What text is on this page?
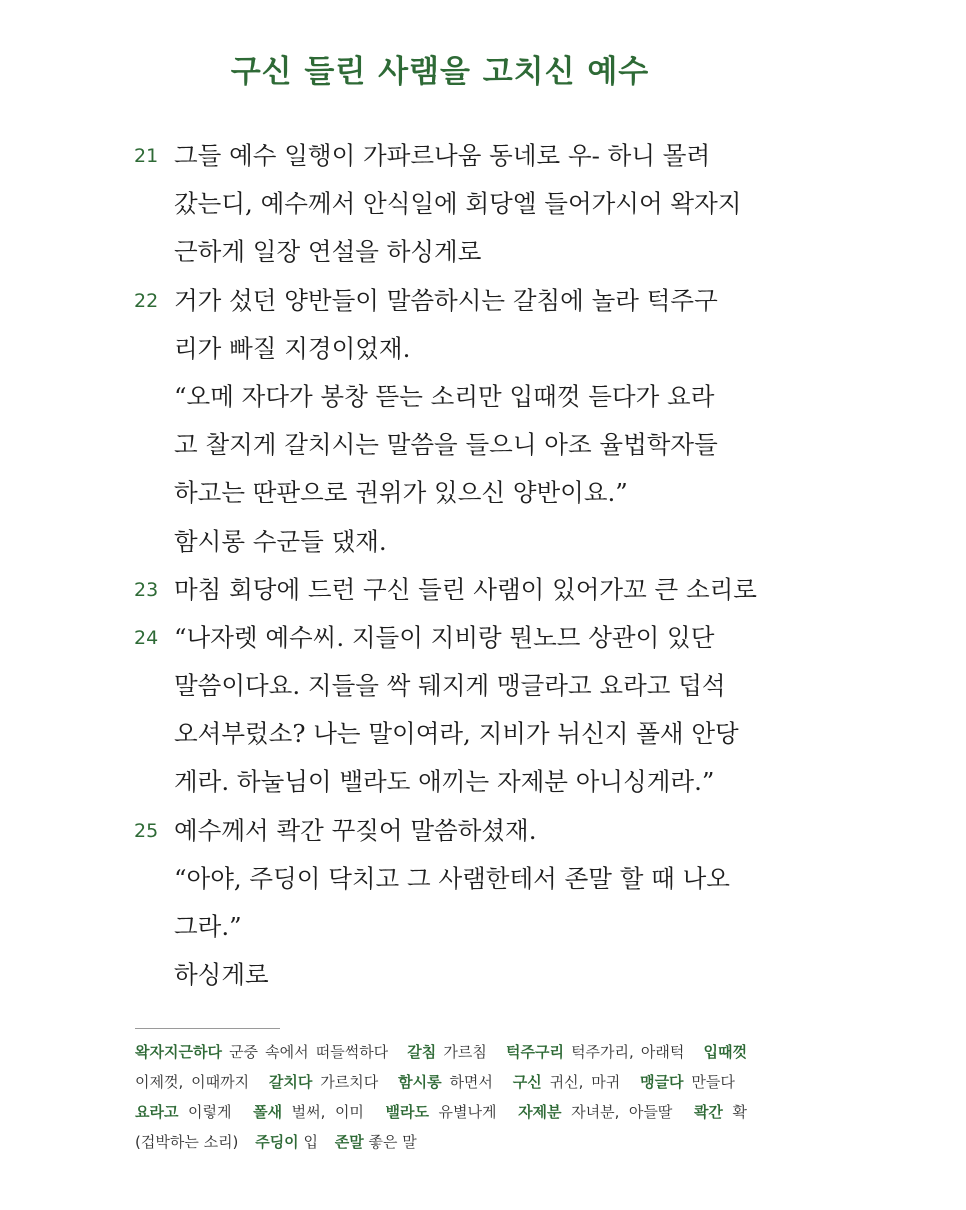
구신 들린 사램을 고치신 예수
21 그들 예수 일행이 가파르나움 동네로 우- 하니 몰려
갔는디, 예수께서 안식일에 회당엘 들어가시어 왁자지
근하게 일장 연설을 하싱게로
22 거가 섰던 양반들이 말씀하시는 갈침에 놀라 턱주구
리가 빠질 지경이었재.
“오메 자다가 봉창 뜯는 소리만 입때껏 듣다가 요라
고 찰지게 갈치시는 말씀을 들으니 아조 율법학자들
하고는 딴판으로 권위가 있으신 양반이요.”
함시롱 수군들 댔재.
23 마침 회당에 드런 구신 들린 사램이 있어가꼬 큰 소리로
24 “나자렛 예수씨. 지들이 지비랑 뭔노므 상관이 있단
말씀이다요. 지들을 싹 뒈지게 맹글라고 요라고 덥석
오셔부렀소? 나는 말이여라, 지비가 뉘신지 폴새 안당
게라. 하눌님이 밸라도 애끼는 자제분 아니싱게라.”
25 예수께서 콱간 꾸짖어 말씀하셨재.
“아야, 주딩이 닥치고 그 사램한테서 존말 할 때 나오
그라.”
하싱게로
왁자지근하다 군중 속에서 떠들썩하다 갈침 가르침 턱주구리 턱주가리, 아래턱 입때껏 이제껏, 이때까지 갈치다 가르치다 함시롱 하면서 구신 귀신, 마귀 맹글다 만들다 요라고 이렇게 폴새 벌써, 이미 밸라도 유별나게 자제분 자녀분, 아들딸 콱간 확(겁박하는 소리) 주딩이 입 존말 좋은 말
